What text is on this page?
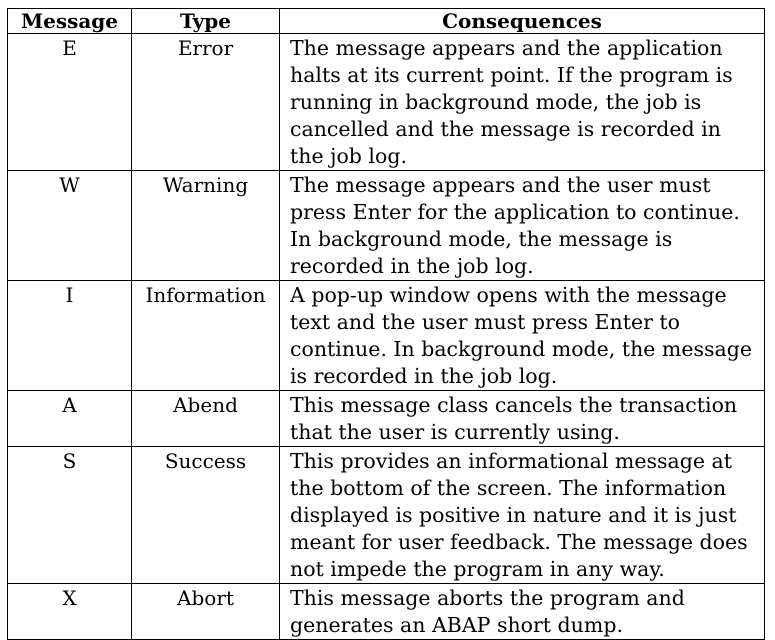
Message	Type	Consequences
E	Error	The message appears and the application halts at its current point. If the program is running in background mode, the job is cancelled and the message is recorded in the job log.
W	Warning	The message appears and the user must press Enter for the application to continue. In background mode, the message is recorded in the job log.
I	Information	A pop-up window opens with the message text and the user must press Enter to continue. In background mode, the message is recorded in the job log.
A	Abend	This message class cancels the transaction that the user is currently using.
S	Success	This provides an informational message at the bottom of the screen. The information displayed is positive in nature and it is just meant for user feedback. The message does not impede the program in any way.
X	Abort	This message aborts the program and generates an ABAP short dump.
